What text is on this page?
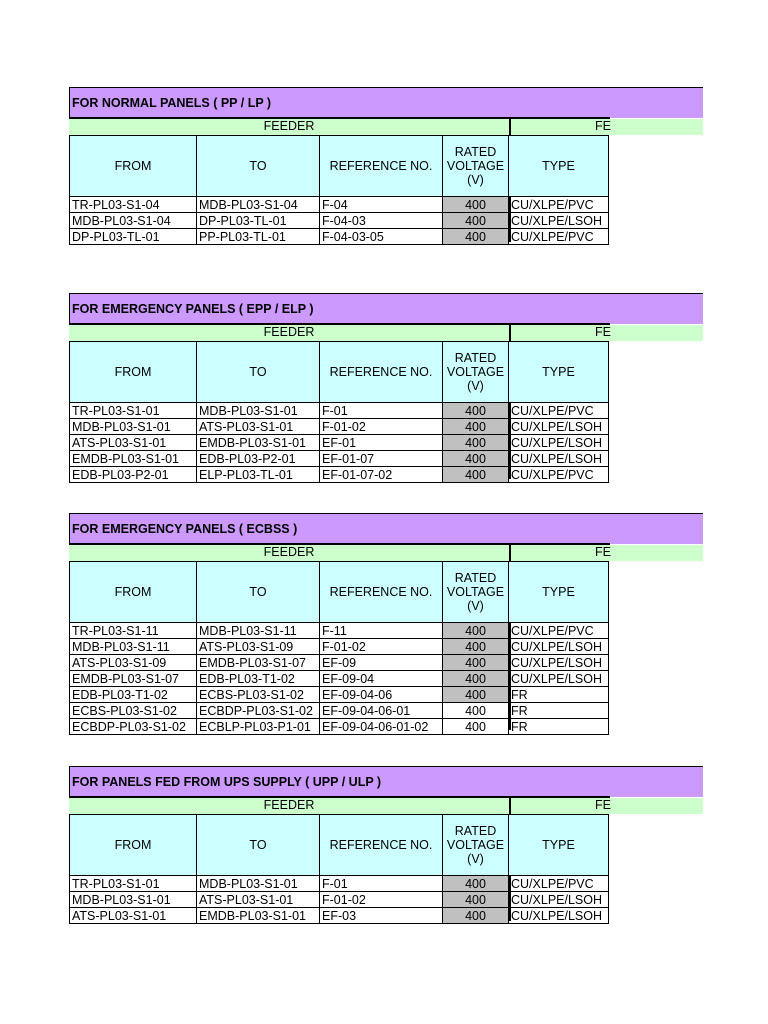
FOR NORMAL PANELS ( PP / LP )
FEEDER	FE
FROM	TO	REFERENCE NO.	RATED
VOLTAGE
(V)	TYPE
TR-PL03-S1-04	MDB-PL03-S1-04	F-04	400	CU/XLPE/PVC
MDB-PL03-S1-04	DP-PL03-TL-01	F-04-03	400	CU/XLPE/LSOH
DP-PL03-TL-01	PP-PL03-TL-01	F-04-03-05	400	CU/XLPE/PVC
FOR EMERGENCY PANELS ( EPP / ELP )
FEEDER	FE
FROM	TO	REFERENCE NO.	RATED
VOLTAGE
(V)	TYPE
TR-PL03-S1-01	MDB-PL03-S1-01	F-01	400	CU/XLPE/PVC
MDB-PL03-S1-01	ATS-PL03-S1-01	F-01-02	400	CU/XLPE/LSOH
ATS-PL03-S1-01	EMDB-PL03-S1-01	EF-01	400	CU/XLPE/LSOH
EMDB-PL03-S1-01	EDB-PL03-P2-01	EF-01-07	400	CU/XLPE/LSOH
EDB-PL03-P2-01	ELP-PL03-TL-01	EF-01-07-02	400	CU/XLPE/PVC
FOR EMERGENCY PANELS ( ECBSS )
FEEDER	FE
FROM	TO	REFERENCE NO.	RATED
VOLTAGE
(V)	TYPE
TR-PL03-S1-11	MDB-PL03-S1-11	F-11	400	CU/XLPE/PVC
MDB-PL03-S1-11	ATS-PL03-S1-09	F-01-02	400	CU/XLPE/LSOH
ATS-PL03-S1-09	EMDB-PL03-S1-07	EF-09	400	CU/XLPE/LSOH
EMDB-PL03-S1-07	EDB-PL03-T1-02	EF-09-04	400	CU/XLPE/LSOH
EDB-PL03-T1-02	ECBS-PL03-S1-02	EF-09-04-06	400	FR
ECBS-PL03-S1-02	ECBDP-PL03-S1-02	EF-09-04-06-01	400	FR
ECBDP-PL03-S1-02	ECBLP-PL03-P1-01	EF-09-04-06-01-02	400	FR
FOR PANELS FED FROM UPS SUPPLY ( UPP / ULP )
FEEDER	FE
FROM	TO	REFERENCE NO.	RATED
VOLTAGE
(V)	TYPE
TR-PL03-S1-01	MDB-PL03-S1-01	F-01	400	CU/XLPE/PVC
MDB-PL03-S1-01	ATS-PL03-S1-01	F-01-02	400	CU/XLPE/LSOH
ATS-PL03-S1-01	EMDB-PL03-S1-01	EF-03	400	CU/XLPE/LSOH
